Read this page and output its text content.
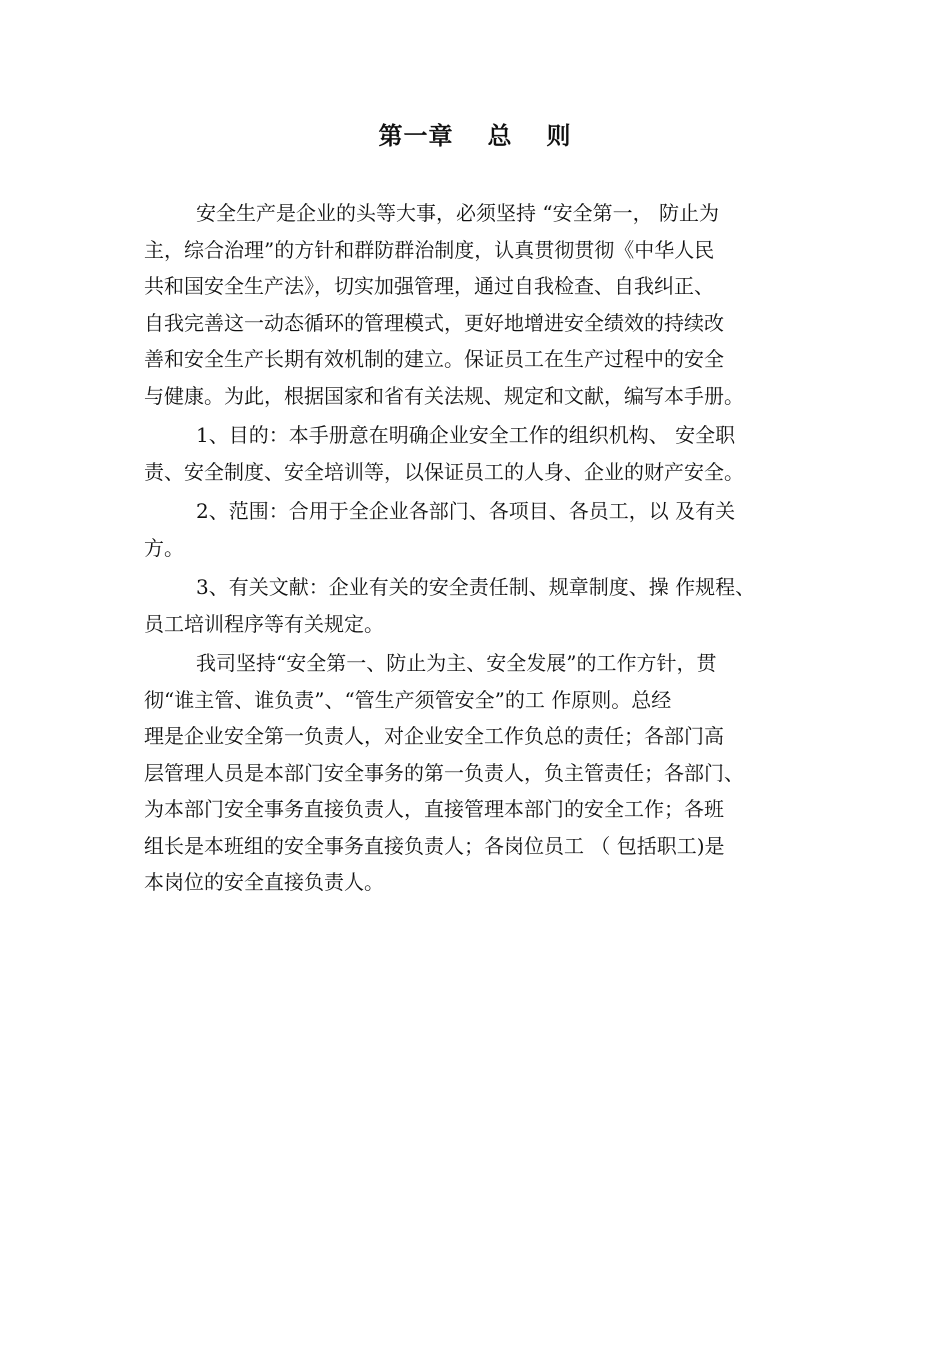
第一章 总 则
安全生产是企业的头等大事，必须坚持 “安全第一， 防止为
主，综合治理”的方针和群防群治制度，认真贯彻贯彻《中华人民
共和国安全生产法》，切实加强管理，通过自我检查、自我纠正、
自我完善这一动态循环的管理模式，更好地增进安全绩效的持续改
善和安全生产长期有效机制的建立。保证员工在生产过程中的安全
与健康。为此，根据国家和省有关法规、规定和文献，编写本手册。
1、目的：本手册意在明确企业安全工作的组织机构、 安全职
责、安全制度、安全培训等，以保证员工的人身、企业的财产安全。
2、范围：合用于全企业各部门、各项目、各员工，以 及有关
方。
3、有关文献：企业有关的安全责任制、规章制度、操 作规程、
员工培训程序等有关规定。
我司坚持“安全第一、防止为主、安全发展”的工作方针，贯
彻“谁主管、谁负责”、“管生产须管安全”的工 作原则。总经
理是企业安全第一负责人，对企业安全工作负总的责任；各部门高
层管理人员是本部门安全事务的第一负责人，负主管责任；各部门、
为本部门安全事务直接负责人，直接管理本部门的安全工作；各班
组长是本班组的安全事务直接负责人；各岗位员工 （ 包括职工)是
本岗位的安全直接负责人。
